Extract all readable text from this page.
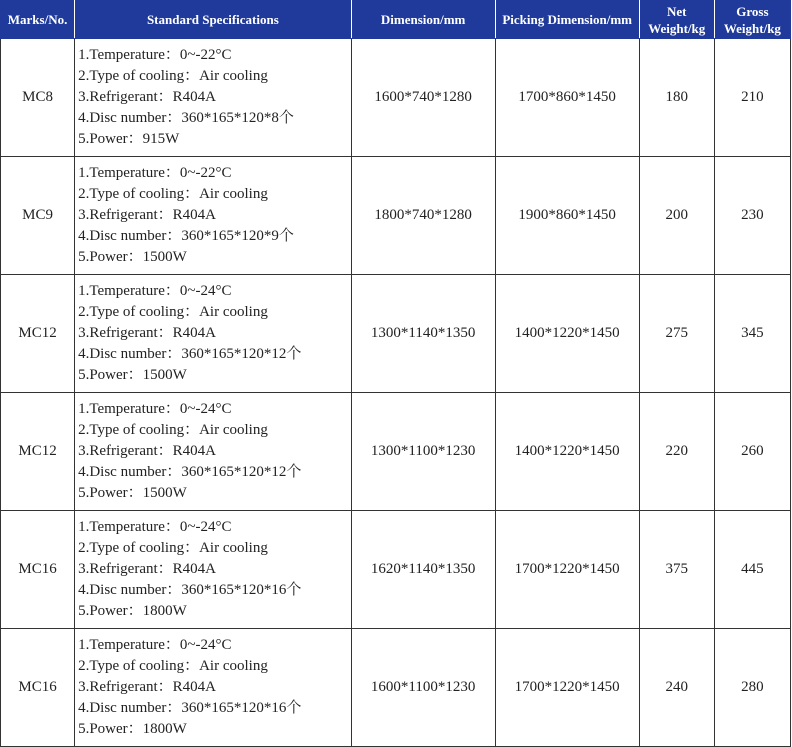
Marks/No.	Standard Specifications	Dimension/mm	Picking Dimension/mm	Net Weight/kg	Gross Weight/kg
MC8	1.Temperature：0~-22°C
2.Type of cooling：Air cooling
3.Refrigerant：R404A
4.Disc number：360*165*120*8个
5.Power：915W	1600*740*1280	1700*860*1450	180	210
MC9	1.Temperature：0~-22°C
2.Type of cooling：Air cooling
3.Refrigerant：R404A
4.Disc number：360*165*120*9个
5.Power：1500W	1800*740*1280	1900*860*1450	200	230
MC12	1.Temperature：0~-24°C
2.Type of cooling：Air cooling
3.Refrigerant：R404A
4.Disc number：360*165*120*12个
5.Power：1500W	1300*1140*1350	1400*1220*1450	275	345
MC12	1.Temperature：0~-24°C
2.Type of cooling：Air cooling
3.Refrigerant：R404A
4.Disc number：360*165*120*12个
5.Power：1500W	1300*1100*1230	1400*1220*1450	220	260
MC16	1.Temperature：0~-24°C
2.Type of cooling：Air cooling
3.Refrigerant：R404A
4.Disc number：360*165*120*16个
5.Power：1800W	1620*1140*1350	1700*1220*1450	375	445
MC16	1.Temperature：0~-24°C
2.Type of cooling：Air cooling
3.Refrigerant：R404A
4.Disc number：360*165*120*16个
5.Power：1800W	1600*1100*1230	1700*1220*1450	240	280
